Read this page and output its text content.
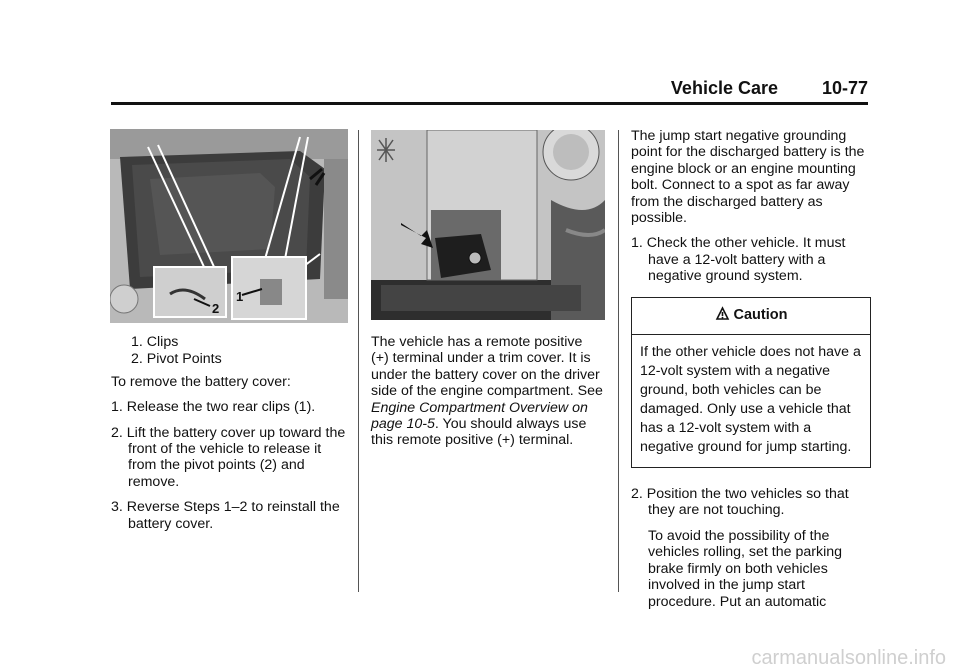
Vehicle Care 10-77
2
1
1. Clips
2. Pivot Points

To remove the battery cover:

1. Release the two rear clips (1).
2. Lift the battery cover up toward the front of the vehicle to release it from the pivot points (2) and remove.
3. Reverse Steps 1–2 to reinstall the battery cover.

The vehicle has a remote positive (+) terminal under a trim cover. It is under the battery cover on the driver side of the engine compartment. See Engine Compartment Overview on page 10-5. You should always use this remote positive (+) terminal.

The jump start negative grounding point for the discharged battery is the engine block or an engine mounting bolt. Connect to a spot as far away from the discharged battery as possible.

1. Check the other vehicle. It must have a 12-volt battery with a negative ground system.
Caution
If the other vehicle does not have a 12-volt system with a negative ground, both vehicles can be damaged. Only use a vehicle that has a 12-volt system with a negative ground for jump starting.
2. Position the two vehicles so that they are not touching.

To avoid the possibility of the vehicles rolling, set the parking brake firmly on both vehicles involved in the jump start procedure. Put an automatic

carmanualsonline.info
